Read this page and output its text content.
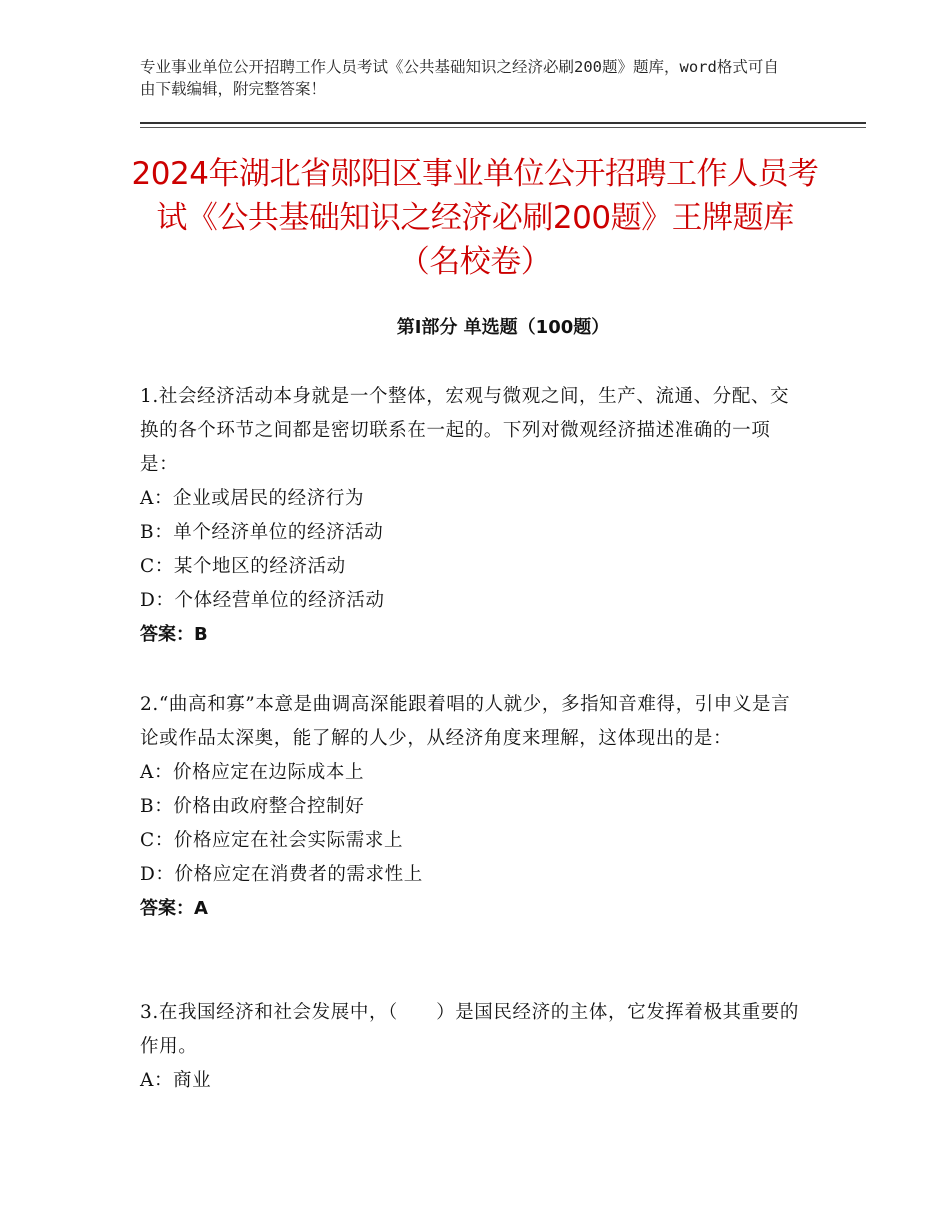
专业事业单位公开招聘工作人员考试《公共基础知识之经济必刷200题》题库，word格式可自由下载编辑，附完整答案！
2024年湖北省郧阳区事业单位公开招聘工作人员考试《公共基础知识之经济必刷200题》王牌题库（名校卷）
第Ⅰ部分 单选题（100题）
1.社会经济活动本身就是一个整体，宏观与微观之间，生产、流通、分配、交换的各个环节之间都是密切联系在一起的。下列对微观经济描述准确的一项是：
A：企业或居民的经济行为
B：单个经济单位的经济活动
C：某个地区的经济活动
D：个体经营单位的经济活动
答案：B
2.“曲高和寡”本意是曲调高深能跟着唱的人就少，多指知音难得，引申义是言论或作品太深奥，能了解的人少，从经济角度来理解，这体现出的是：
A：价格应定在边际成本上
B：价格由政府整合控制好
C：价格应定在社会实际需求上
D：价格应定在消费者的需求性上
答案：A
3.在我国经济和社会发展中，（　　）是国民经济的主体，它发挥着极其重要的作用。
A：商业
